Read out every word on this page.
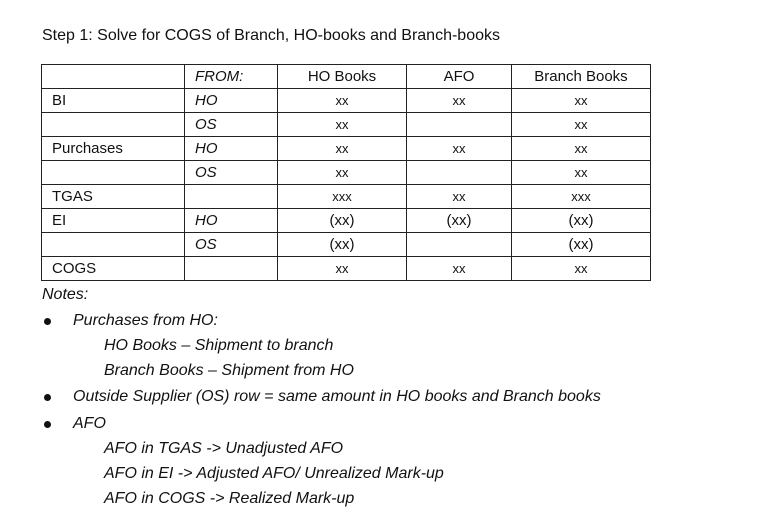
Step 1: Solve for COGS of Branch, HO-books and Branch-books
	FROM:	HO Books	AFO	Branch Books
BI	HO	xx	xx	xx
	OS	xx		xx
Purchases	HO	xx	xx	xx
	OS	xx		xx
TGAS		xxx	xx	xxx
EI	HO	(xx)	(xx)	(xx)
	OS	(xx)		(xx)
COGS		xx	xx	xx
Notes:
Purchases from HO:
HO Books – Shipment to branch
Branch Books – Shipment from HO
Outside Supplier (OS) row = same amount in HO books and Branch books
AFO
AFO in TGAS -> Unadjusted AFO
AFO in EI -> Adjusted AFO/ Unrealized Mark-up
AFO in COGS -> Realized Mark-up
